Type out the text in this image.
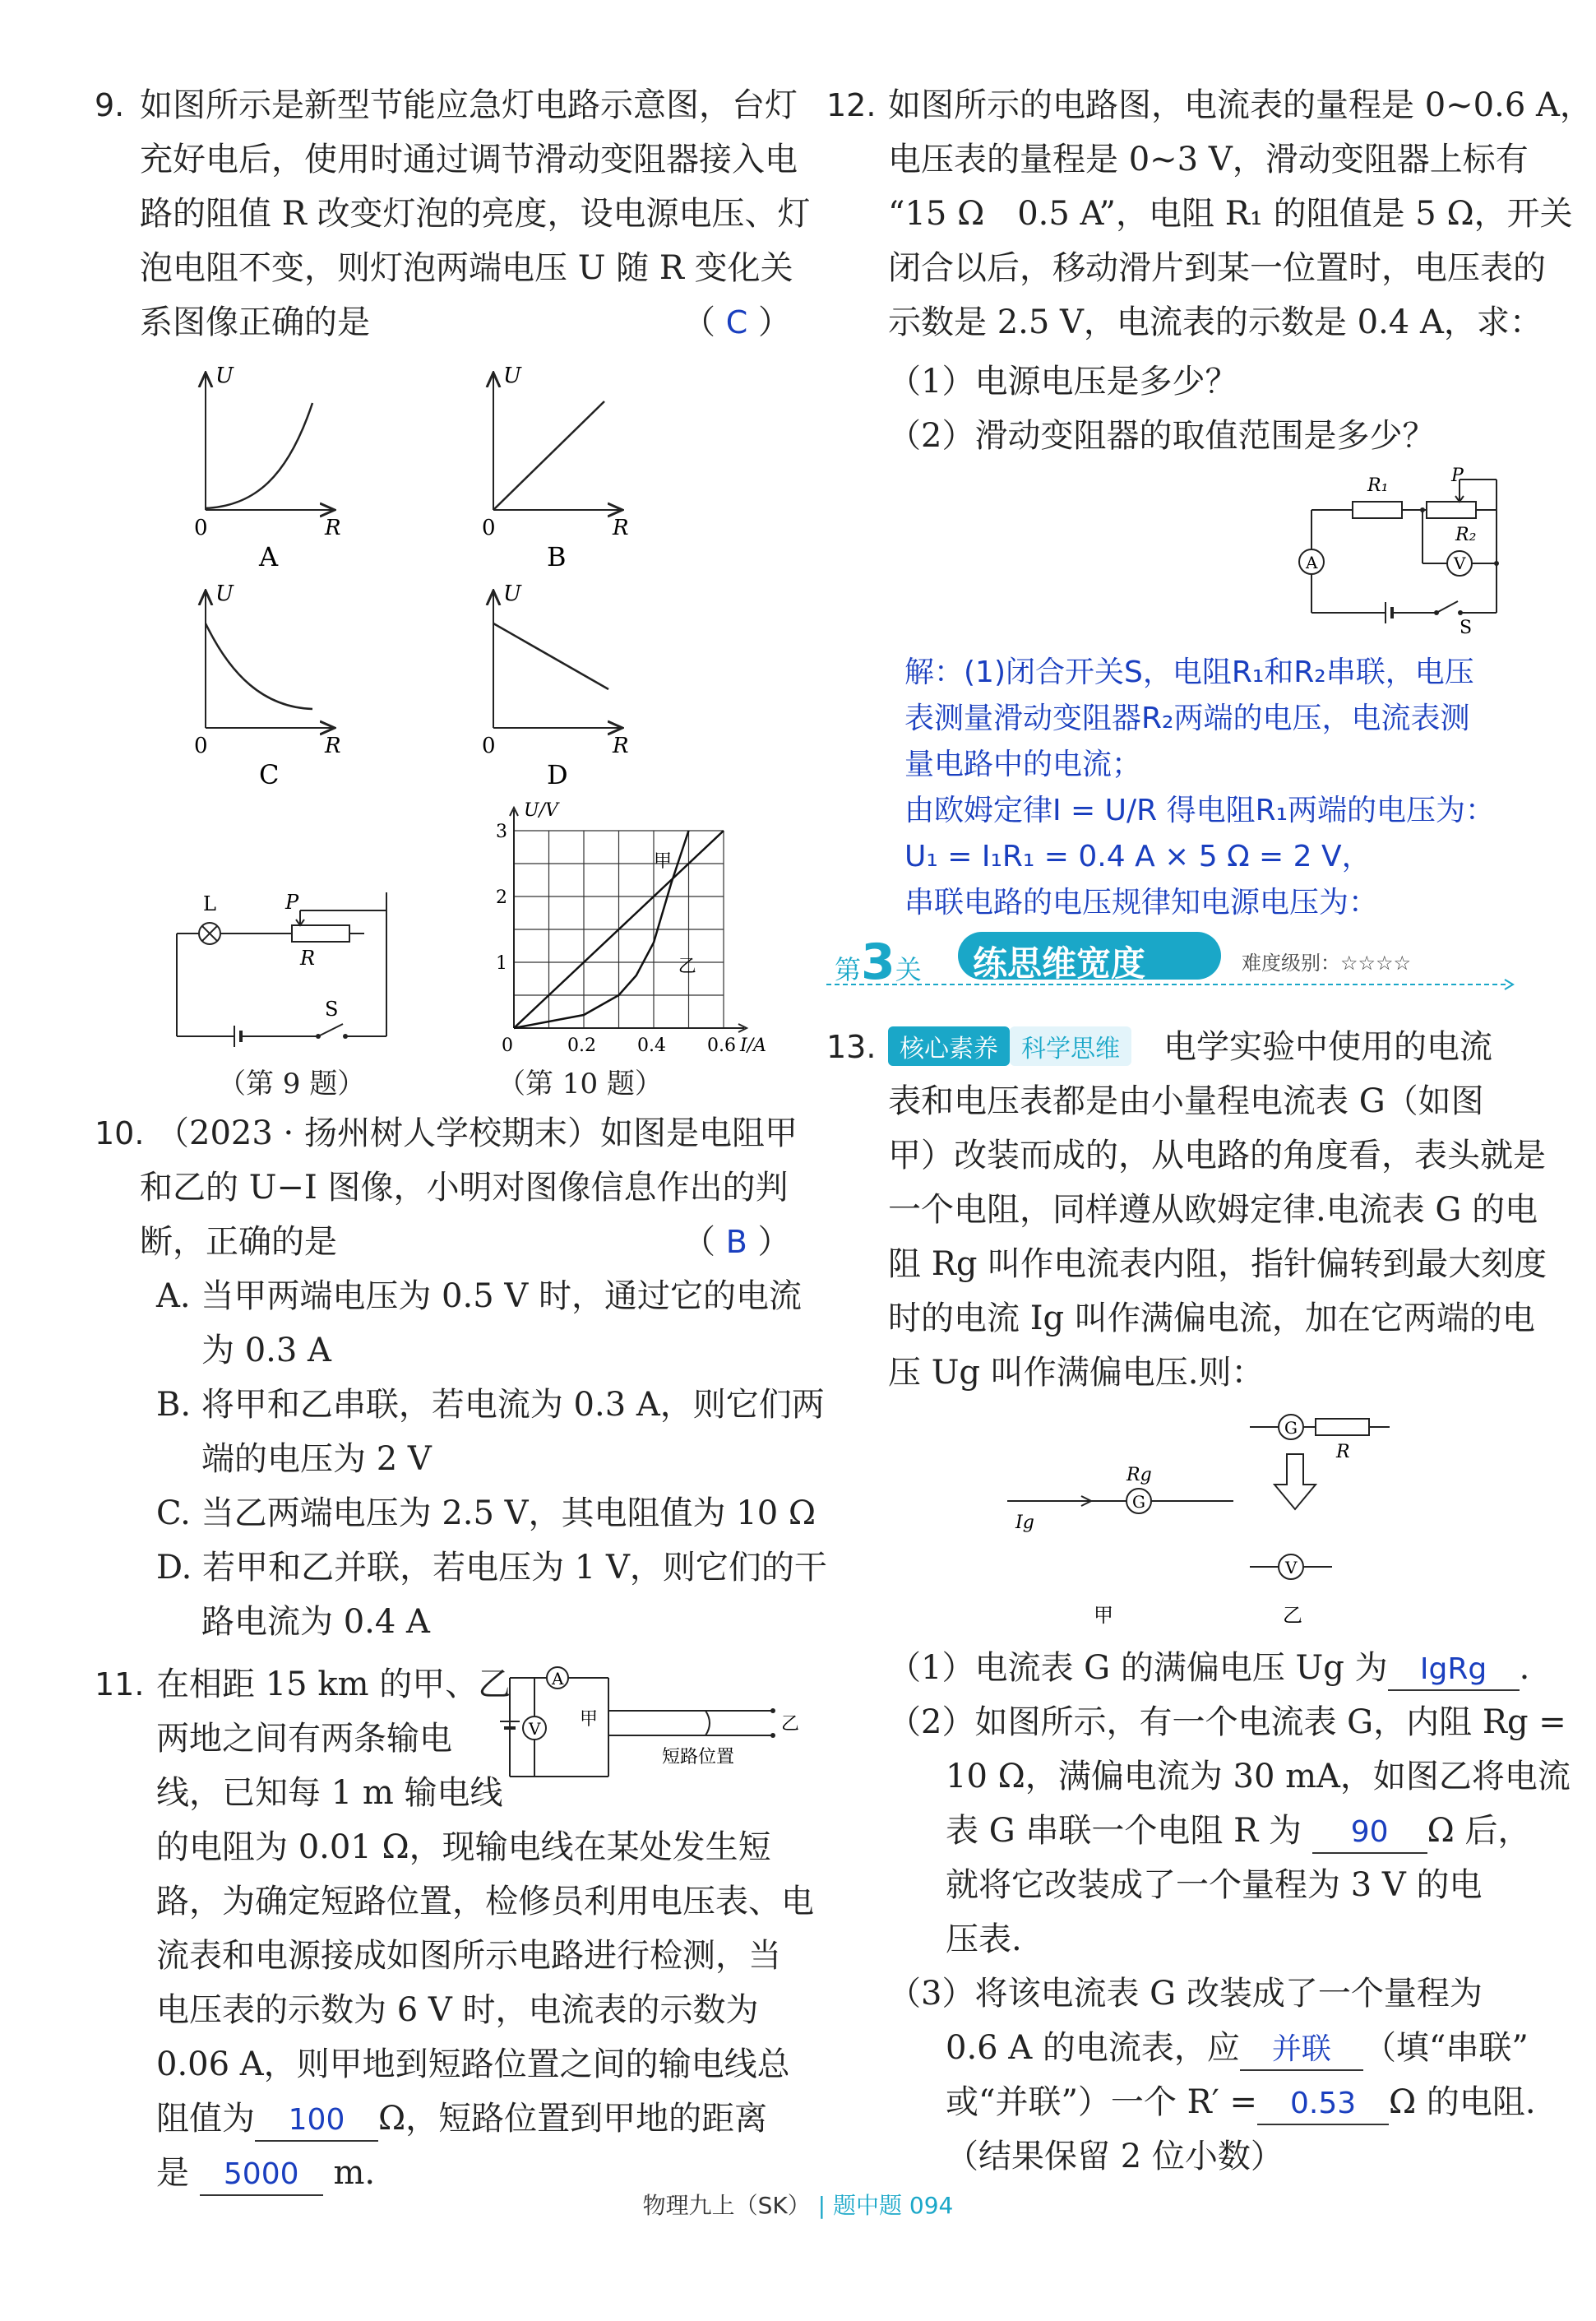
9. 如图所示是新型节能应急灯电路示意图，台灯
充好电后，使用时通过调节滑动变阻器接入电
路的阻值 R 改变灯泡的亮度，设电源电压、灯
泡电阻不变，则灯泡两端电压 U 随 R 变化关
系图像正确的是	（ C ）
U
R
0
A
U
R
0
B
U
R
0
C
U
R
0
D
L	P
R
S
（第 9 题）
甲
乙
0	0.2 0.4 0.6
1
2
3
I/A
U/V
（第 10 题）
10. （2023 · 扬州树人学校期末）如图是电阻甲
和乙的 U−I 图像，小明对图像信息作出的判
断，正确的是	（ B ）
A. 当甲两端电压为 0.5 V 时，通过它的电流
为 0.3 A
B. 将甲和乙串联，若电流为 0.3 A，则它们两
端的电压为 2 V
C. 当乙两端电压为 2.5 V，其电阻值为 10 Ω
D. 若甲和乙并联，若电压为 1 V，则它们的干
路电流为 0.4 A
11. 在相距 15 km 的甲、乙
两地之间有两条输电
线，已知每 1 m 输电线
A
V 甲	乙
短路位置
的电阻为 0.01 Ω，现输电线在某处发生短
路，为确定短路位置，检修员利用电压表、电
流表和电源接成如图所示电路进行检测，当
电压表的示数为 6 V 时，电流表的示数为
0.06 A，则甲地到短路位置之间的输电线总
阻值为 100 Ω，短路位置到甲地的距离
是 5000 m.
12. 如图所示的电路图，电流表的量程是 0~0.6 A，
电压表的量程是 0~3 V，滑动变阻器上标有
“15 Ω　0.5 A”，电阻 R₁ 的阻值是 5 Ω，开关
闭合以后，移动滑片到某一位置时，电压表的
示数是 2.5 V，电流表的示数是 0.4 A，求：
（1）电源电压是多少？
（2）滑动变阻器的取值范围是多少？
R₁	P
R₂
A	V
S
解：(1)闭合开关S，电阻R₁和R₂串联，电压
表测量滑动变阻器R₂两端的电压，电流表测
量电路中的电流；
由欧姆定律I = U/R 得电阻R₁两端的电压为：
U₁ = I₁R₁ = 0.4 A × 5 Ω = 2 V，
串联电路的电压规律知电源电压为：
第3关 练思维宽度	难度级别：☆☆☆☆
13. 核心素养 科学思维	电学实验中使用的电流
表和电压表都是由小量程电流表 G（如图
甲）改装而成的，从电路的角度看，表头就是
一个电阻，同样遵从欧姆定律.电流表 G 的电
阻 Rg 叫作电流表内阻，指针偏转到最大刻度
时的电流 Ig 叫作满偏电流，加在它两端的电
压 Ug 叫作满偏电压.则：
G
Rg
Ig
甲
G
R
V
乙
（1）电流表 G 的满偏电压 Ug 为 IgRg .
（2）如图所示，有一个电流表 G，内阻 Rg =
10 Ω，满偏电流为 30 mA，如图乙将电流
表 G 串联一个电阻 R 为 90 Ω 后，
就将它改装成了一个量程为 3 V 的电
压表.
（3）将该电流表 G 改装成了一个量程为
0.6 A 的电流表，应 并联 （填“串联”
或“并联”）一个 R′ = 0.53 Ω 的电阻.
（结果保留 2 位小数）
物理九上（SK） | 题中题 094
